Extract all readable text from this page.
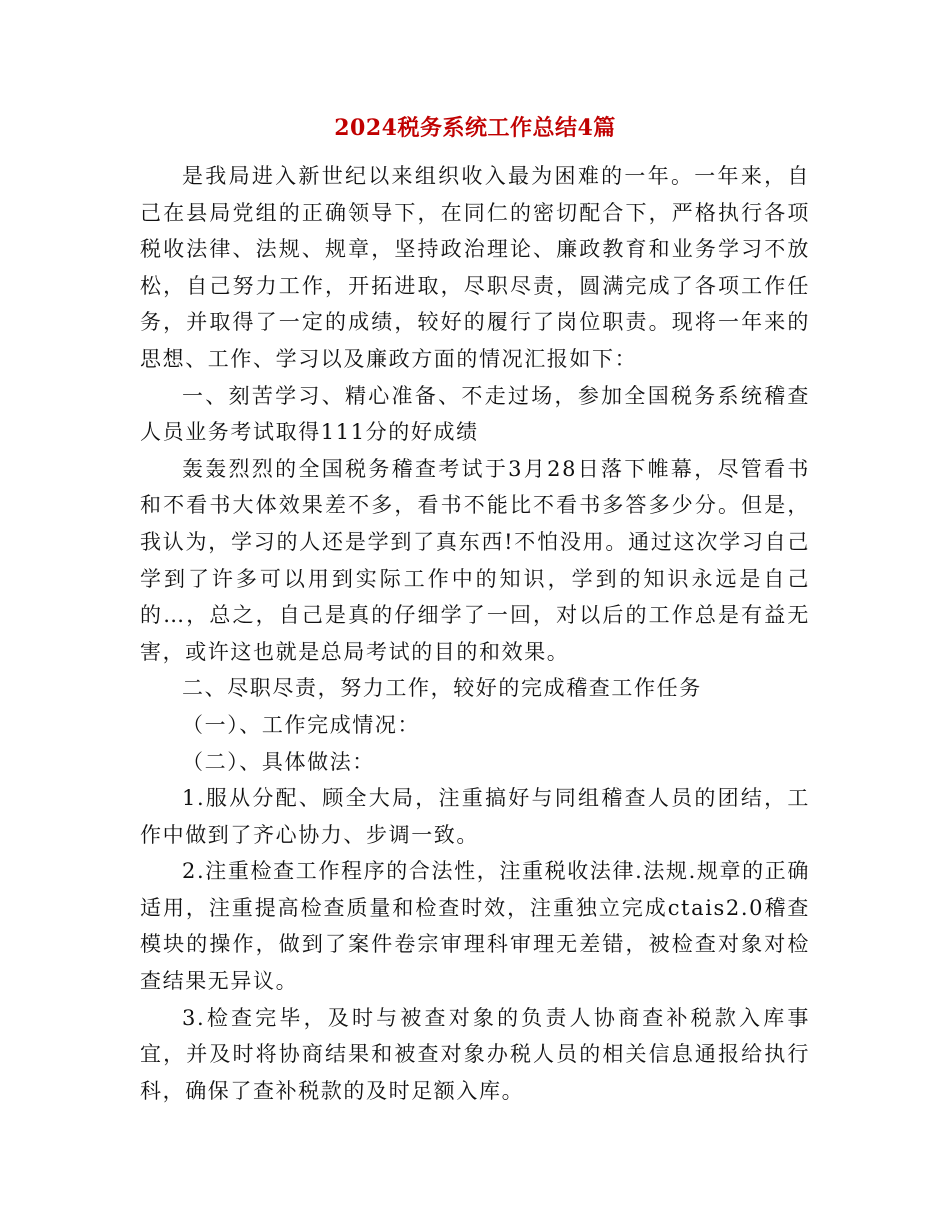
2024税务系统工作总结4篇

是我局进入新世纪以来组织收入最为困难的一年。一年来，自己在县局党组的正确领导下，在同仁的密切配合下，严格执行各项税收法律、法规、规章，坚持政治理论、廉政教育和业务学习不放松，自己努力工作，开拓进取，尽职尽责，圆满完成了各项工作任务，并取得了一定的成绩，较好的履行了岗位职责。现将一年来的思想、工作、学习以及廉政方面的情况汇报如下：

一、刻苦学习、精心准备、不走过场，参加全国税务系统稽查人员业务考试取得111分的好成绩

轰轰烈烈的全国税务稽查考试于3月28日落下帷幕，尽管看书和不看书大体效果差不多，看书不能比不看书多答多少分。但是，我认为，学习的人还是学到了真东西!不怕没用。通过这次学习自己学到了许多可以用到实际工作中的知识，学到的知识永远是自己的…，总之，自己是真的仔细学了一回，对以后的工作总是有益无害，或许这也就是总局考试的目的和效果。

二、尽职尽责，努力工作，较好的完成稽查工作任务

（一）、工作完成情况：

（二）、具体做法：

1.服从分配、顾全大局，注重搞好与同组稽查人员的团结，工作中做到了齐心协力、步调一致。

2.注重检查工作程序的合法性，注重税收法律.法规.规章的正确适用，注重提高检查质量和检查时效，注重独立完成ctais2.0稽查模块的操作，做到了案件卷宗审理科审理无差错，被检查对象对检查结果无异议。

3.检查完毕，及时与被查对象的负责人协商查补税款入库事宜，并及时将协商结果和被查对象办税人员的相关信息通报给执行科，确保了查补税款的及时足额入库。
